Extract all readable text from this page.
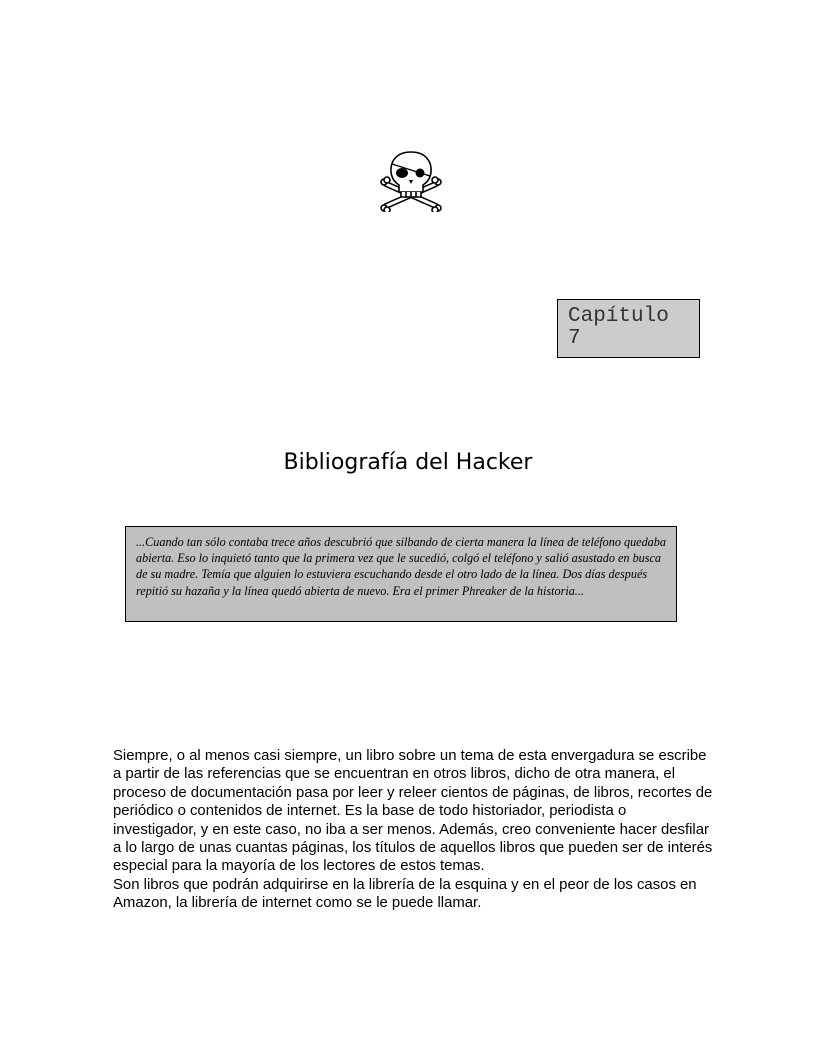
Capítulo
7
Bibliografía del Hacker
...Cuando tan sólo contaba trece años descubrió que silbando de cierta manera la línea de teléfono quedaba abierta. Eso lo inquietó tanto que la primera vez que le sucedió, colgó el teléfono y salió asustado en busca de su madre. Temía que alguien lo estuviera escuchando desde el otro lado de la línea. Dos días después repitió su hazaña y la línea quedó abierta de nuevo. Era el primer Phreaker de la historia...

Siempre, o al menos casi siempre, un libro sobre un tema de esta envergadura se escribe a partir de las referencias que se encuentran en otros libros, dicho de otra manera, el proceso de documentación pasa por leer y releer cientos de páginas, de libros, recortes de periódico o contenidos de internet. Es la base de todo historiador, periodista o investigador, y en este caso, no iba a ser menos. Además, creo conveniente hacer desfilar a lo largo de unas cuantas páginas, los títulos de aquellos libros que pueden ser de interés especial para la mayoría de los lectores de estos temas.

Son libros que podrán adquirirse en la librería de la esquina y en el peor de los casos en Amazon, la librería de internet como se le puede llamar.
